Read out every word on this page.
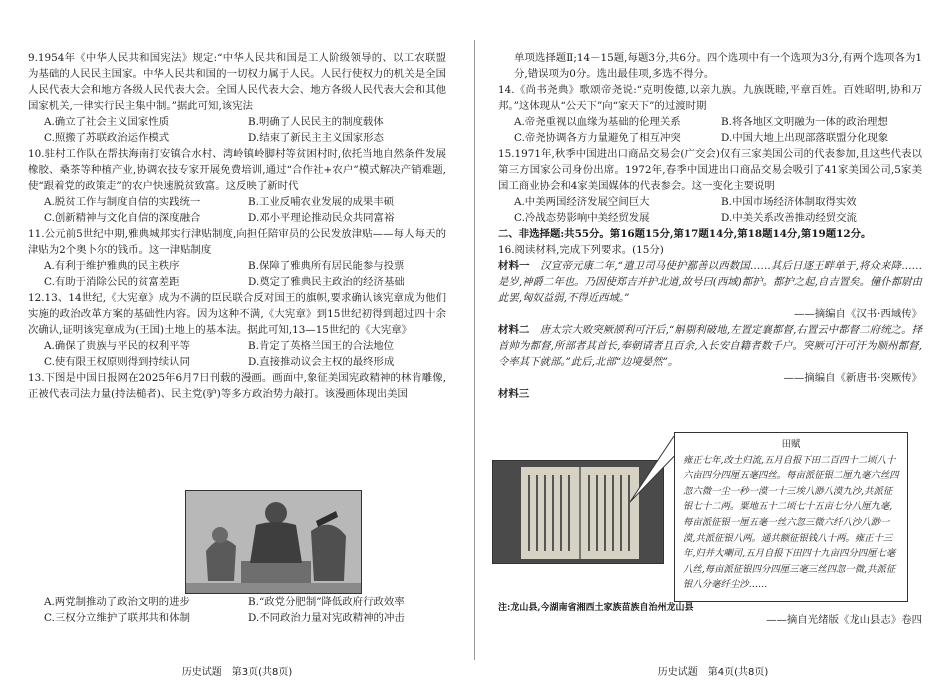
9.1954年《中华人民共和国宪法》规定:“中华人民共和国是工人阶级领导的、以工农联盟为基础的人民民主国家。中华人民共和国的一切权力属于人民。人民行使权力的机关是全国人民代表大会和地方各级人民代表大会。全国人民代表大会、地方各级人民代表大会和其他国家机关,一律实行民主集中制。”据此可知,该宪法

A.确立了社会主义国家性质	B.明确了人民民主的制度载体
C.照搬了苏联政治运作模式	D.结束了新民主主义国家形态

10.驻村工作队在帮扶海南打安镇合水村、湾岭镇岭脚村等贫困村时,依托当地自然条件发展橡胶、桑茶等种植产业,协调农技专家开展免费培训,通过“合作社+农户”模式解决产销难题,使“跟着党的政策走”的农户快速脱贫致富。这反映了新时代

A.脱贫工作与制度自信的实践统一	B.工业反哺农业发展的成果丰硕
C.创新精神与文化自信的深度融合	D.邓小平理论推动民众共同富裕

11.公元前5世纪中期,雅典城邦实行津贴制度,向担任陪审员的公民发放津贴——每人每天的津贴为2个奥卜尔的钱币。这一津贴制度

A.有利于维护雅典的民主秩序	B.保障了雅典所有居民能参与投票
C.有助于消除公民的贫富差距	D.奠定了雅典民主政治的经济基础

12.13、14世纪,《大宪章》成为不满的臣民联合反对国王的旗帜,要求确认该宪章成为他们实施的政治改革方案的基础性内容。因为这种不满,《大宪章》到15世纪初得到超过四十余次确认,证明该宪章成为(王国)土地上的基本法。据此可知,13—15世纪的《大宪章》

A.确保了贵族与平民的权利平等	B.肯定了英格兰国王的合法地位
C.使有限王权原则得到持续认同	D.直接推动议会主权的最终形成

13.下图是中国日报网在2025年6月7日刊载的漫画。画面中,象征美国宪政精神的林肯雕像,正被代表司法力量(持法槌者)、民主党(驴)等多方政治势力敲打。该漫画体现出美国

A.两党制推动了政治文明的进步	B.“政党分肥制”降低政府行政效率
C.三权分立维护了联邦共和体制	D.不同政治力量对宪政精神的冲击
历史试题　第3页(共8页)

单项选择题Ⅱ;14－15题,每题3分,共6分。四个选项中有一个选项为3分,有两个选项各为1分,错误项为0分。选出最佳项,多选不得分。

14.《尚书尧典》歌颂帝尧说:“克明俊德,以亲九族。九族既睦,平章百姓。百姓昭明,协和万邦。”这体现从“公天下”向“家天下”的过渡时期

A.帝尧重视以血缘为基础的伦理关系	B.将各地区文明融为一体的政治理想
C.帝尧协调各方力量避免了相互冲突	D.中国大地上出现部落联盟分化现象

15.1971年,秋季中国进出口商品交易会(广交会)仅有三家美国公司的代表参加,且这些代表以第三方国家公司身份出席。1972年,春季中国进出口商品交易会吸引了41家美国公司,5家美国工商业协会和4家美国媒体的代表参会。这一变化主要说明

A.中美两国经济发展空间巨大	B.中国市场经济体制取得实效
C.冷战态势影响中美经贸发展	D.中美关系改善推动经贸交流

二、非选择题:共55分。第16题15分,第17题14分,第18题14分,第19题12分。

16.阅读材料,完成下列要求。(15分)

材料一　 汉宣帝元康二年,“遣卫司马使护鄯善以西数国……其后日逐王畔单于,将众来降……是岁,神爵二年也。乃因使郑吉并护北道,故号曰(西域)都护。都护之起,自吉置矣。僮仆都尉由此罢,匈奴益弱,不得近西域。”

——摘编自《汉书·西域传》

材料二　 唐太宗大败突厥颉利可汗后,“斛剔利破地,左置定襄都督,右置云中都督二府统之。择首帅为都督,所部者其首长,奉朝请者且百余,入长安自籍者数千户。突厥可汗可汗为顺州都督,令率其下就部。”此后,北部“边境晏然”。

——摘编自《新唐书·突厥传》

材料三

田赋
雍正七年,改土归流,五月自报下田二百四十二顷八十六亩四分四厘五毫四丝。每亩派征银二厘九毫六丝四忽六微一尘一秒一漠一十三埃八渺八漠九沙,共派征银七十二两。粟地五十二顷七十五亩七分八厘九毫,每亩派征银一厘五毫一丝六忽三微六纤八沙八渺一漠,共派征银八两。通共额征银钱八十两。雍正十三年,归并大喇司,五月自报下田四十九亩四分四厘七毫八丝,每亩派征银四分四厘三毫三丝四忽一微,共派征银八分毫纤尘沙……
注:龙山县,今湖南省湘西土家族苗族自治州龙山县
——摘自光绪版《龙山县志》卷四
历史试题　第4页(共8页)
